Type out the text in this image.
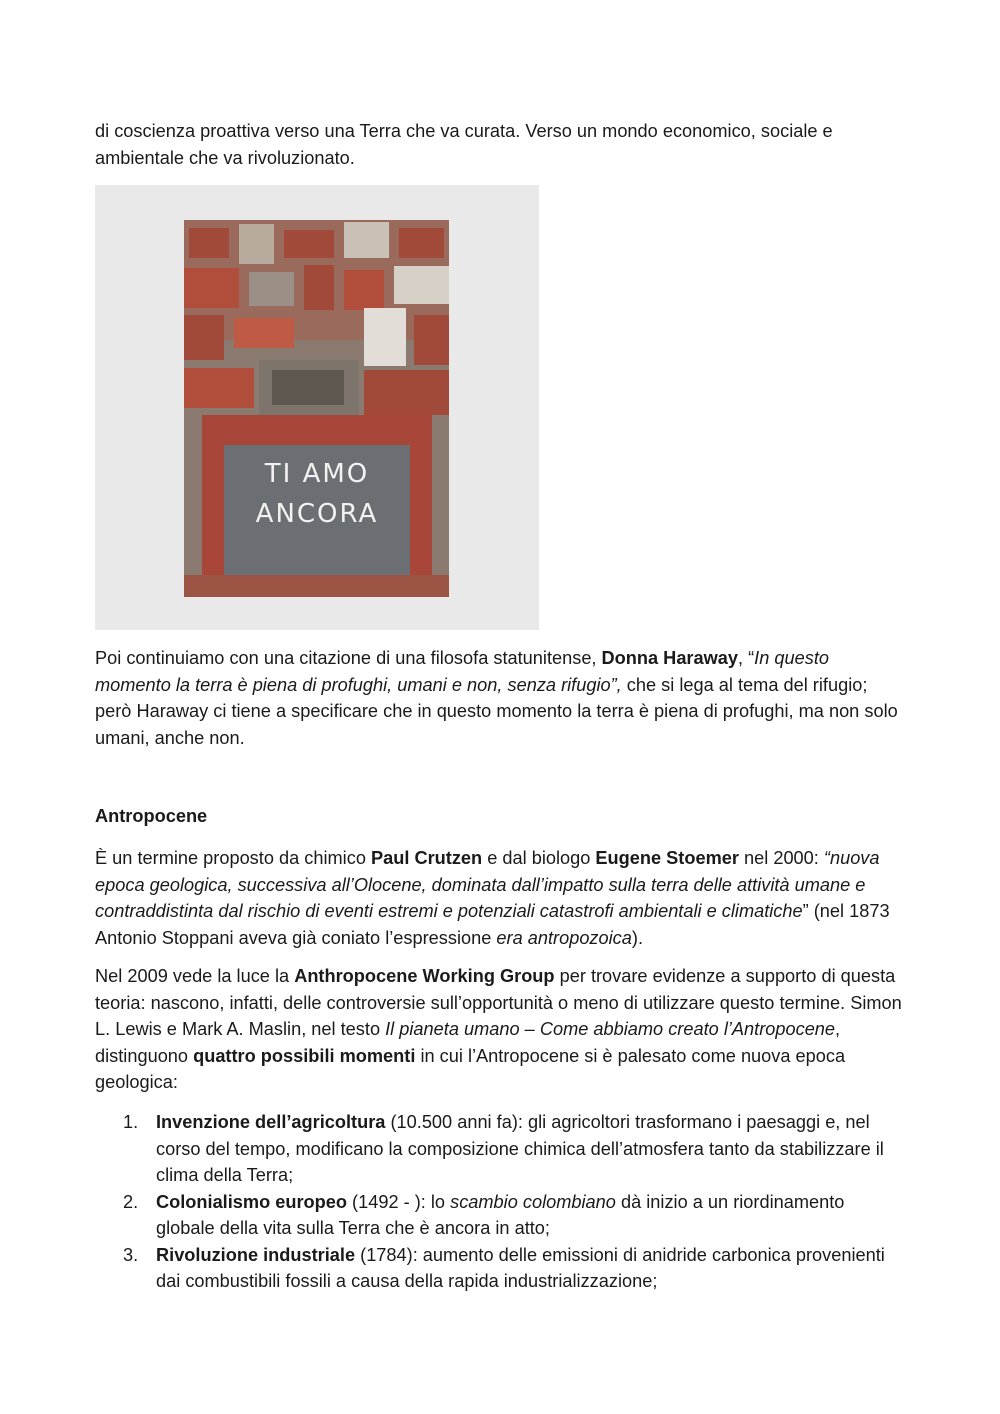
di coscienza proattiva verso una Terra che va curata. Verso un mondo economico, sociale e ambientale che va rivoluzionato.

TI AMO
ANCORA

Poi continuiamo con una citazione di una filosofa statunitense, Donna Haraway, “In questo momento la terra è piena di profughi, umani e non, senza rifugio”, che si lega al tema del rifugio; però Haraway ci tiene a specificare che in questo momento la terra è piena di profughi, ma non solo umani, anche non.

Antropocene

È un termine proposto da chimico Paul Crutzen e dal biologo Eugene Stoemer nel 2000: “nuova epoca geologica, successiva all’Olocene, dominata dall’impatto sulla terra delle attività umane e contraddistinta dal rischio di eventi estremi e potenziali catastrofi ambientali e climatiche” (nel 1873 Antonio Stoppani aveva già coniato l’espressione era antropozoica).

Nel 2009 vede la luce la Anthropocene Working Group per trovare evidenze a supporto di questa teoria: nascono, infatti, delle controversie sull’opportunità o meno di utilizzare questo termine. Simon L. Lewis e Mark A. Maslin, nel testo Il pianeta umano – Come abbiamo creato l’Antropocene, distinguono quattro possibili momenti in cui l’Antropocene si è palesato come nuova epoca geologica:

1. Invenzione dell’agricoltura (10.500 anni fa): gli agricoltori trasformano i paesaggi e, nel corso del tempo, modificano la composizione chimica dell’atmosfera tanto da stabilizzare il clima della Terra;
2. Colonialismo europeo (1492 - ): lo scambio colombiano dà inizio a un riordinamento globale della vita sulla Terra che è ancora in atto;
3. Rivoluzione industriale (1784): aumento delle emissioni di anidride carbonica provenienti dai combustibili fossili a causa della rapida industrializzazione;
